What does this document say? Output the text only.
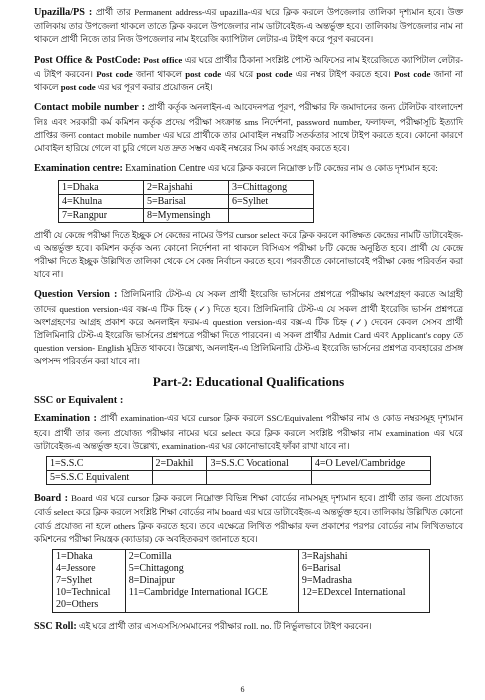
Upazilla/PS : প্রার্থী তার Permanent address-এর upazilla-এর ঘরে ক্লিক করলে উপজেলার তালিকা দৃশ্যমান হবে। উক্ত তালিকায় তার উপজেলা থাকলে তাতে ক্লিক করলে উপজেলার নাম ডাটাবেইজ-এ অন্তর্ভুক্ত হবে। তালিকায় উপজেলার নাম না থাকলে প্রার্থী নিজে তার নিজ উপজেলার নাম ইংরেজি ক্যাপিটাল লেটার-এ টাইপ করে পূরণ করবেন।

Post Office & PostCode: Post office এর ঘরে প্রার্থীর ঠিকানা সংশ্লিষ্ট পোস্ট অফিসের নাম ইংরেজিতে ক্যাপিটাল লেটার-এ টাইপ করবেন। Post code জানা থাকলে post code এর ঘরে post code এর নম্বর টাইপ করতে হবে। Post code জানা না থাকলে post code এর ঘর পূরণ করার প্রয়োজন নেই।

Contact mobile number : প্রার্থী কর্তৃক অনলাইন-এ আবেদনপত্র পূরণ, পরীক্ষার ফি জমাদানের জন্য টেলিটক বাংলাদেশ লিঃ এবং সরকারী কর্ম কমিশন কর্তৃক প্রদেয় পরীক্ষা সংক্রান্ত sms নির্দেশনা, password number, ফলাফল, পরীক্ষাসূচি ইত্যাদি প্রাপ্তির জন্য contact mobile number এর ঘরে প্রার্থীকে তার মোবাইল নম্বরটি সতর্কতার সাথে টাইপ করতে হবে। কোনো কারণে মোবাইল হারিয়ে গেলে বা চুরি গেলে যত দ্রুত সম্ভব একই নম্বরের সিম কার্ড সংগ্রহ করতে হবে।

Examination centre: Examination Centre এর ঘরে ক্লিক করলে নিম্নোক্ত ৮টি কেন্দ্রের নাম ও কোড দৃশ্যমান হবে:

1=Dhaka	2=Rajshahi	3=Chittagong
4=Khulna	5=Barisal	6=Sylhet
7=Rangpur	8=Mymensingh	

প্রার্থী যে কেন্দ্রে পরীক্ষা দিতে ইচ্ছুক সে কেন্দ্রের নামের উপর cursor select করে ক্লিক করলে কাঙ্ক্ষিত কেন্দ্রের নামটি ডাটাবেইজ-এ অন্তর্ভুক্ত হবে। কমিশন কর্তৃক অন্য কোনো নির্দেশনা না থাকলে বিসিএস পরীক্ষা ৮টি কেন্দ্রে অনুষ্ঠিত হবে। প্রার্থী যে কেন্দ্রে পরীক্ষা দিতে ইচ্ছুক উল্লিখিত তালিকা থেকে সে কেন্দ্র নির্বাচন করতে হবে। পরবর্তীতে কোনোভাবেই পরীক্ষা কেন্দ্র পরিবর্তন করা যাবে না।

Question Version : প্রিলিমিনারি টেস্ট-এ যে সকল প্রার্থী ইংরেজি ভার্সনের প্রশ্নপত্রে পরীক্ষায় অংশগ্রহণ করতে আগ্রহী তাদের question version-এর বক্স-এ টিক চিহ্ন (✓) দিতে হবে। প্রিলিমিনারি টেস্ট-এ যে সকল প্রার্থী ইংরেজি ভার্সন প্রশ্নপত্রে অংশগ্রহণের আগ্রহ প্রকাশ করে অনলাইন ফরম-এ question version-এর বক্স-এ টিক চিহ্ন (✓) দেবেন কেবল সেসব প্রার্থী প্রিলিমিনারি টেস্ট-এ ইংরেজি ভার্সনের প্রশ্নপত্রে পরীক্ষা দিতে পারবেন। এ সকল প্রার্থীর Admit Card এবং Applicant's copy তে question version- English মুদ্রিত থাকবে। উল্লেখ্য, অনলাইন-এ প্রিলিমিনারি টেস্ট-এ ইংরেজি ভার্সনের প্রশ্নপত্র ব্যবহারের প্রসঙ্গ অপসন্দ পরিবর্তন করা যাবে না।

Part-2: Educational Qualifications
SSC or Equivalent :

Examination : প্রার্থী examination-এর ঘরে cursor ক্লিক করলে SSC/Equivalent পরীক্ষার নাম ও কোড নম্বরসমূহ দৃশ্যমান হবে। প্রার্থী তার জন্য প্রযোজ্য পরীক্ষার নামের ঘরে select করে ক্লিক করলে সংশ্লিষ্ট পরীক্ষার নাম examination এর ঘরে ডাটাবেইজ-এ অন্তর্ভুক্ত হবে। উল্লেখ্য, examination-এর ঘর কোনোভাবেই ফাঁকা রাখা যাবে না।

1=S.S.C	2=Dakhil	3=S.S.C Vocational	4=O Level/Cambridge
5=S.S.C Equivalent			

Board : Board এর ঘরে cursor ক্লিক করলে নিম্নোক্ত বিভিন্ন শিক্ষা বোর্ডের নামসমূহ দৃশ্যমান হবে। প্রার্থী তার জন্য প্রযোজ্য বোর্ড select করে ক্লিক করলে সংশ্লিষ্ট শিক্ষা বোর্ডের নাম board এর ঘরে ডাটাবেইজ-এ অন্তর্ভুক্ত হবে। তালিকায় উল্লিখিত কোনো বোর্ড প্রযোজ্য না হলে others ক্লিক করতে হবে। তবে এক্ষেত্রে লিখিত পরীক্ষার ফল প্রকাশের পরপর বোর্ডের নাম লিখিতভাবে কমিশনের পরীক্ষা নিয়ন্ত্রক (ক্যাডার) কে অবহিতকরণ জানাতে হবে।

1=Dhaka
4=Jessore
7=Sylhet
10=Technical
20=Others

2=Comilla
5=Chittagong
8=Dinajpur
11=Cambridge International IGCE

3=Rajshahi
6=Barisal
9=Madrasha
12=EDexcel International

SSC Roll: এই ঘরে প্রার্থী তার এসএসসি/সমমানের পরীক্ষার roll. no. টি নির্ভুলভাবে টাইপ করবেন।

6
